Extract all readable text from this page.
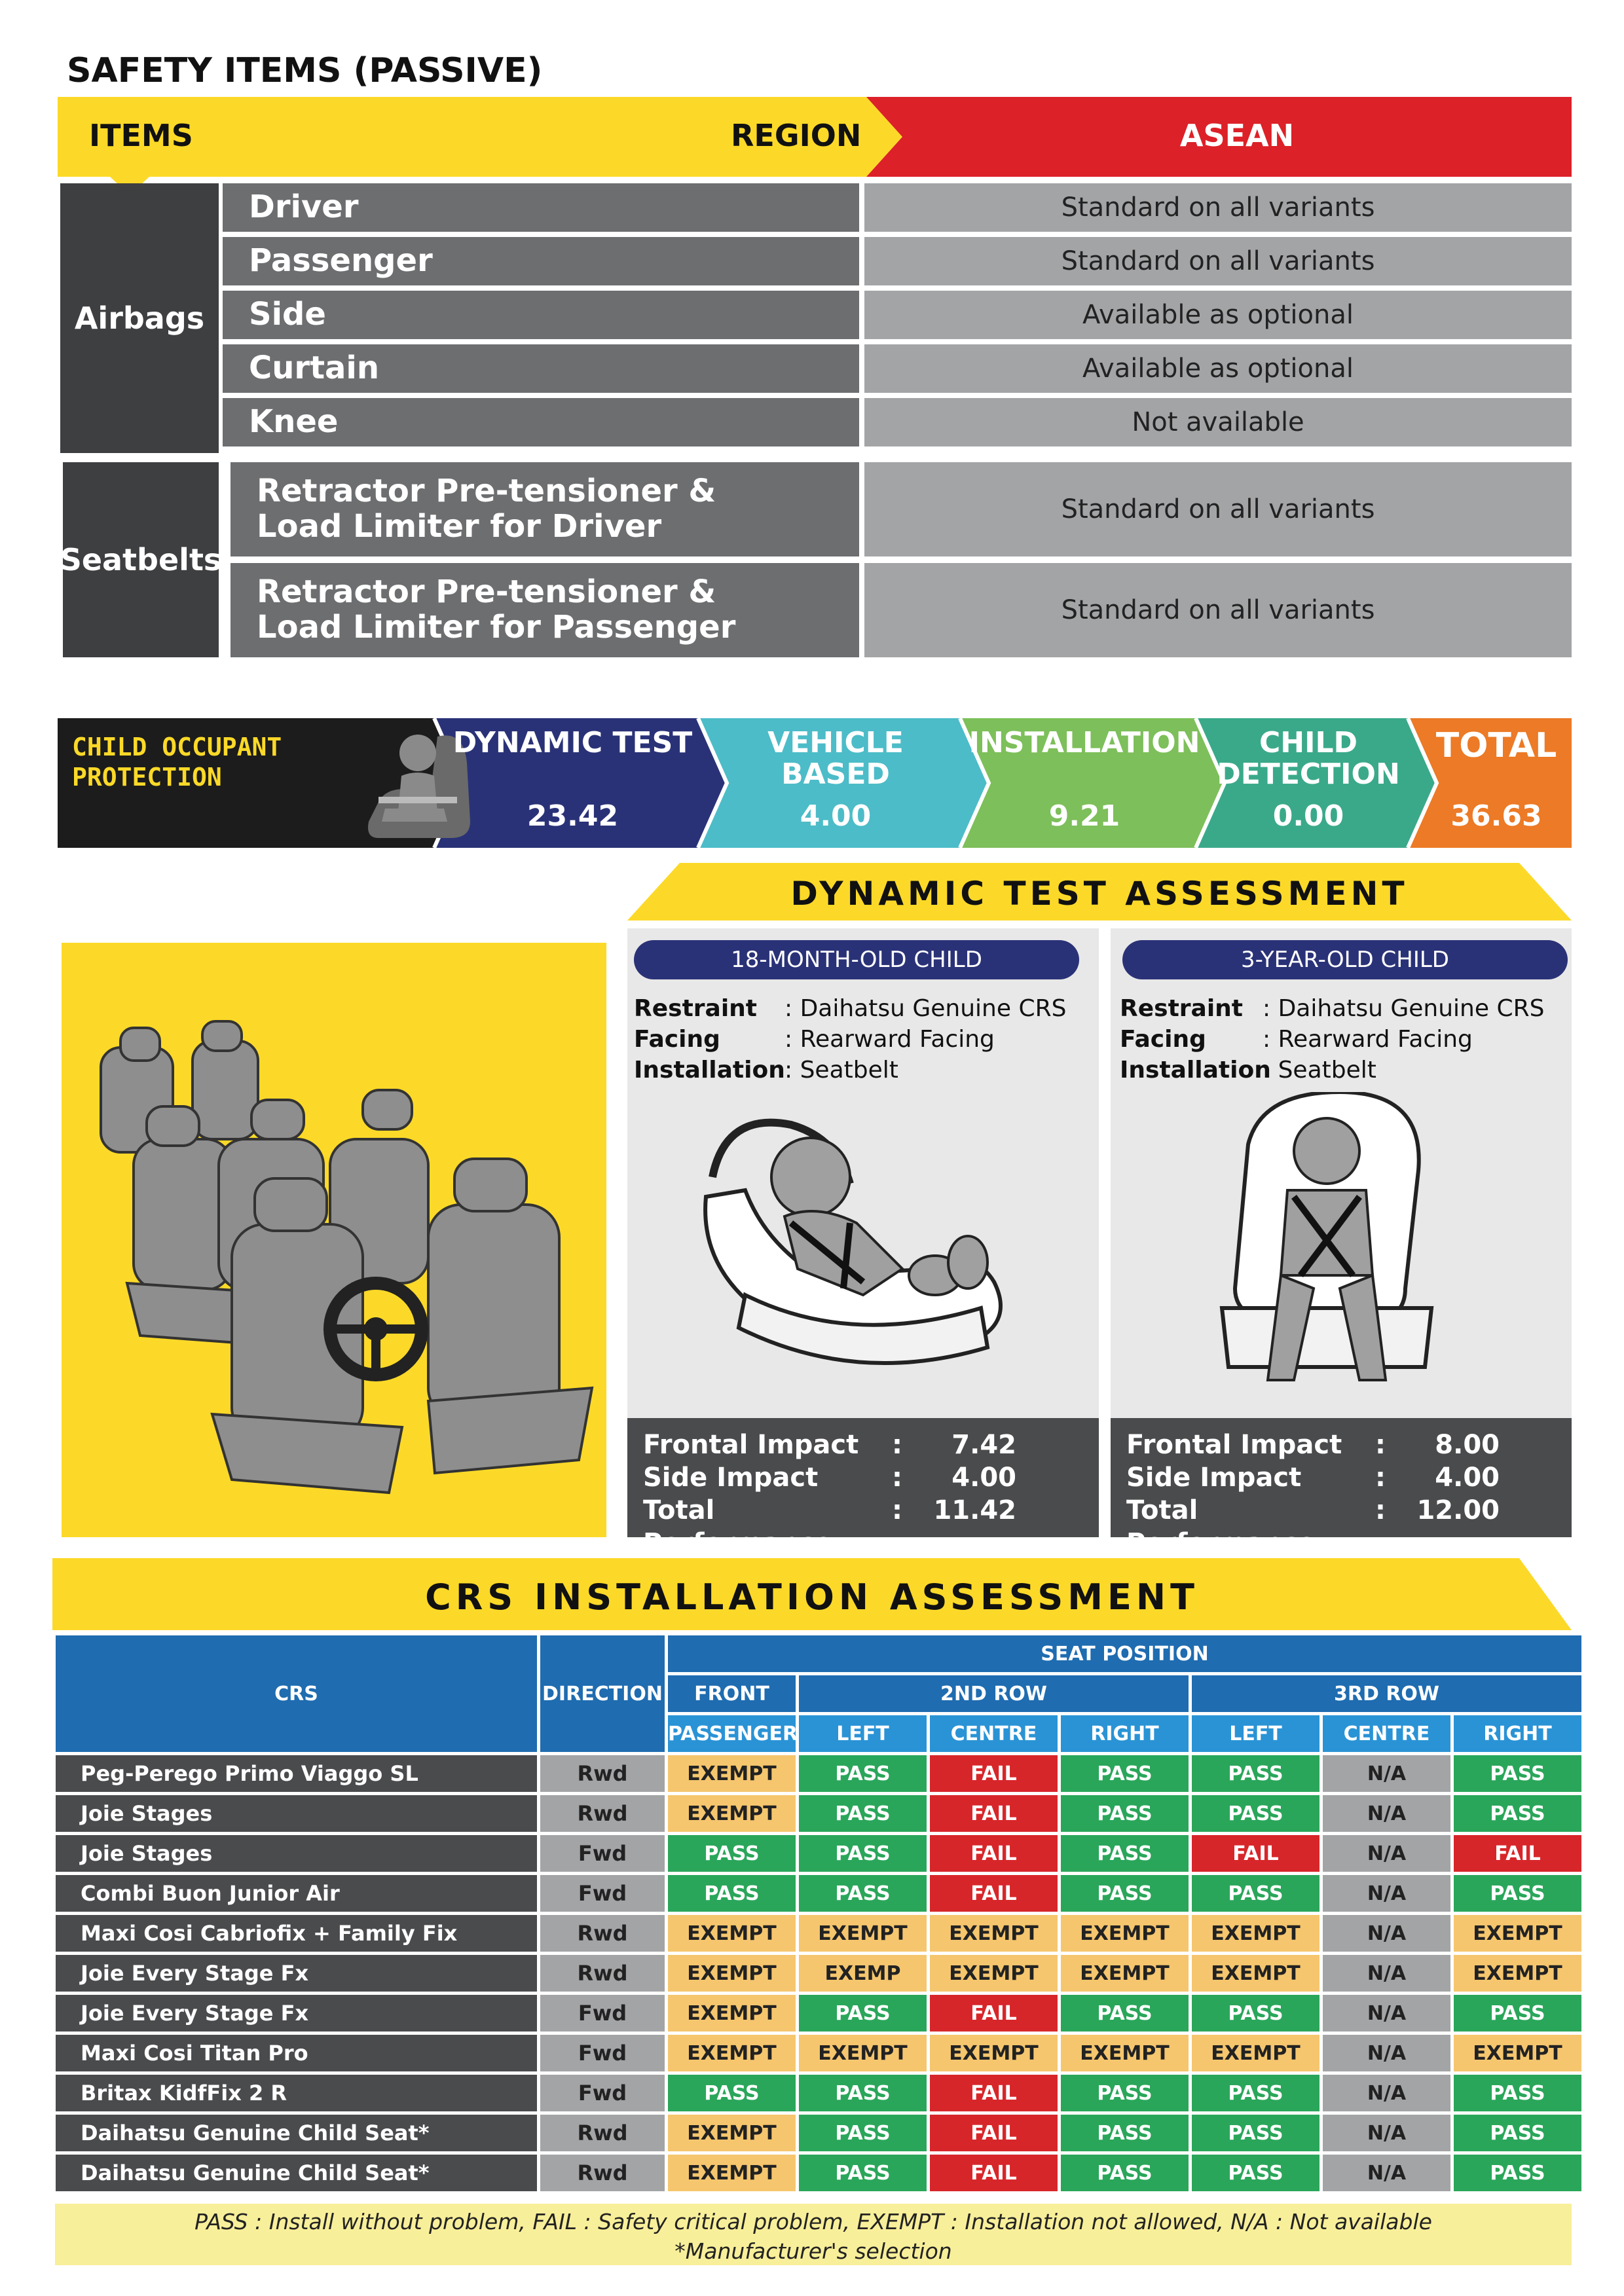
SAFETY ITEMS (PASSIVE)
ITEMS	REGION	ASEAN
Airbags
Driver	Standard on all variants
Passenger	Standard on all variants
Side	Available as optional
Curtain	Available as optional
Knee	Not available
Seatbelts
Retractor Pre-tensioner &
Load Limiter for Driver	Standard on all variants
Retractor Pre-tensioner &
Load Limiter for Passenger	Standard on all variants
CHILD OCCUPANT
PROTECTION
DYNAMIC TEST
23.42
VEHICLE BASED
4.00
INSTALLATION
9.21
CHILD
DETECTION
0.00
TOTAL
36.63
DYNAMIC TEST ASSESSMENT
18-MONTH-OLD CHILD
Restraint	: Daihatsu Genuine CRS
Facing	: Rearward Facing
Installation : Seatbelt
3-YEAR-OLD CHILD
Restraint : Daihatsu Genuine CRS
Facing	: Rearward Facing
Installation
: Seatbelt
Frontal Impact	:	7.42
Side Impact	:	4.00
Total Performance
:	11.42
Frontal Impact	:	8.00
Side Impact	:	4.00
Total Performance
:	12.00
CRS INSTALLATION ASSESSMENT
CRS	DIRECTION	SEAT POSITION						
		FRONT	2ND ROW			3RD ROW		
		PASSENGER	LEFT	CENTRE	RIGHT	LEFT	CENTRE	RIGHT
Peg-Perego Primo Viaggo SL	Rwd	EXEMPT	PASS	FAIL	PASS	PASS	N/A	PASS
Joie Stages	Rwd	EXEMPT	PASS	FAIL	PASS	PASS	N/A	PASS
Joie Stages	Fwd	PASS	PASS	FAIL	PASS	FAIL	N/A	FAIL
Combi Buon Junior Air	Fwd	PASS	PASS	FAIL	PASS	PASS	N/A	PASS
Maxi Cosi Cabriofix + Family Fix	Rwd	EXEMPT	EXEMPT	EXEMPT	EXEMPT	EXEMPT	N/A	EXEMPT
Joie Every Stage Fx	Rwd	EXEMPT	EXEMP	EXEMPT	EXEMPT	EXEMPT	N/A	EXEMPT
Joie Every Stage Fx	Fwd	EXEMPT	PASS	FAIL	PASS	PASS	N/A	PASS
Maxi Cosi Titan Pro	Fwd	EXEMPT	EXEMPT	EXEMPT	EXEMPT	EXEMPT	N/A	EXEMPT
Britax KidfFix 2 R	Fwd	PASS	PASS	FAIL	PASS	PASS	N/A	PASS
Daihatsu Genuine Child Seat*	Rwd	EXEMPT	PASS	FAIL	PASS	PASS	N/A	PASS
Daihatsu Genuine Child Seat*	Rwd	EXEMPT	PASS	FAIL	PASS	PASS	N/A	PASS
PASS : Install without problem, FAIL : Safety critical problem, EXEMPT : Installation not allowed, N/A : Not available
*Manufacturer's selection
